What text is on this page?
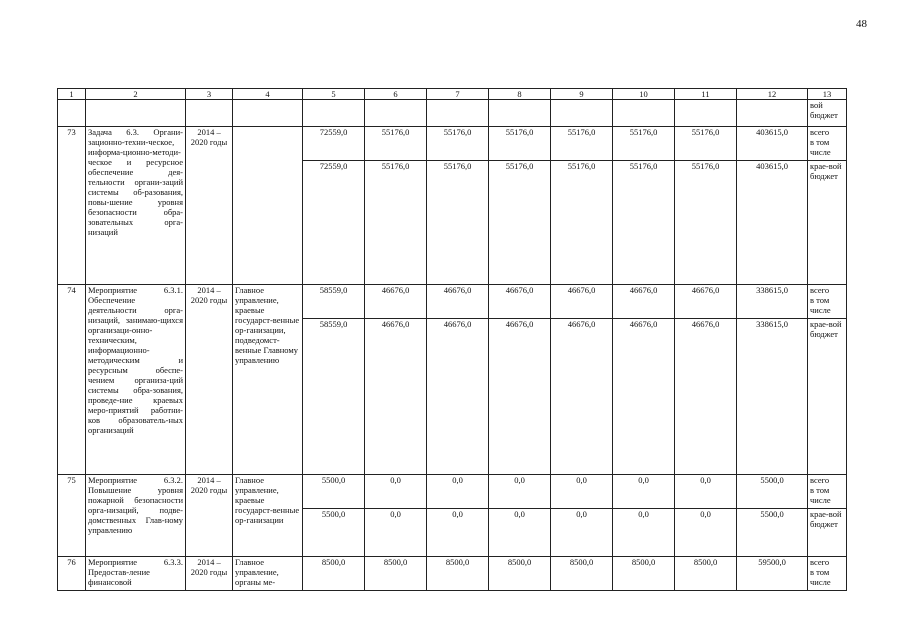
48
1	2	3	4	5	6	7	8	9	10	11	12	13
												вой бюджет
73	Задача 6.3. Органи-зационно-техни-ческое, информа-ционно-методи-ческое и ресурсное обеспечение дея-тельности органи-заций системы об-разования, повы-шение уровня безопасности обра-зовательных орга-низаций	2014 – 2020 годы		72559,0	55176,0	55176,0	55176,0	55176,0	55176,0	55176,0	403615,0	всего
в том числе
				72559,0	55176,0	55176,0	55176,0	55176,0	55176,0	55176,0	403615,0	крае-вой бюджет
74	Мероприятие 6.3.1. Обеспечение деятельности орга-низаций, занимаю-щихся организаци-онно-техническим, информационно-методическим и ресурсным обеспе-чением организа-ций системы обра-зования, проведе-ние краевых меро-приятий работни-ков образователь-ных организаций	2014 – 2020 годы	Главное управление, краевые государст-венные ор-ганизации, подведомст-венные Главному управлению	58559,0	46676,0	46676,0	46676,0	46676,0	46676,0	46676,0	338615,0	всего
в том числе
				58559,0	46676,0	46676,0	46676,0	46676,0	46676,0	46676,0	338615,0	крае-вой бюджет
75	Мероприятие 6.3.2. Повышение уровня пожарной безопасности орга-низаций, подве-домственных Глав-ному управлению	2014 – 2020 годы	Главное управление, краевые государст-венные ор-ганизации	5500,0	0,0	0,0	0,0	0,0	0,0	0,0	5500,0	всего
в том числе
				5500,0	0,0	0,0	0,0	0,0	0,0	0,0	5500,0	крае-вой бюджет
76	Мероприятие 6.3.3. Предостав-ление финансовой	2014 – 2020 годы	Главное управление, органы ме-	8500,0	8500,0	8500,0	8500,0	8500,0	8500,0	8500,0	59500,0	всего
в том числе
